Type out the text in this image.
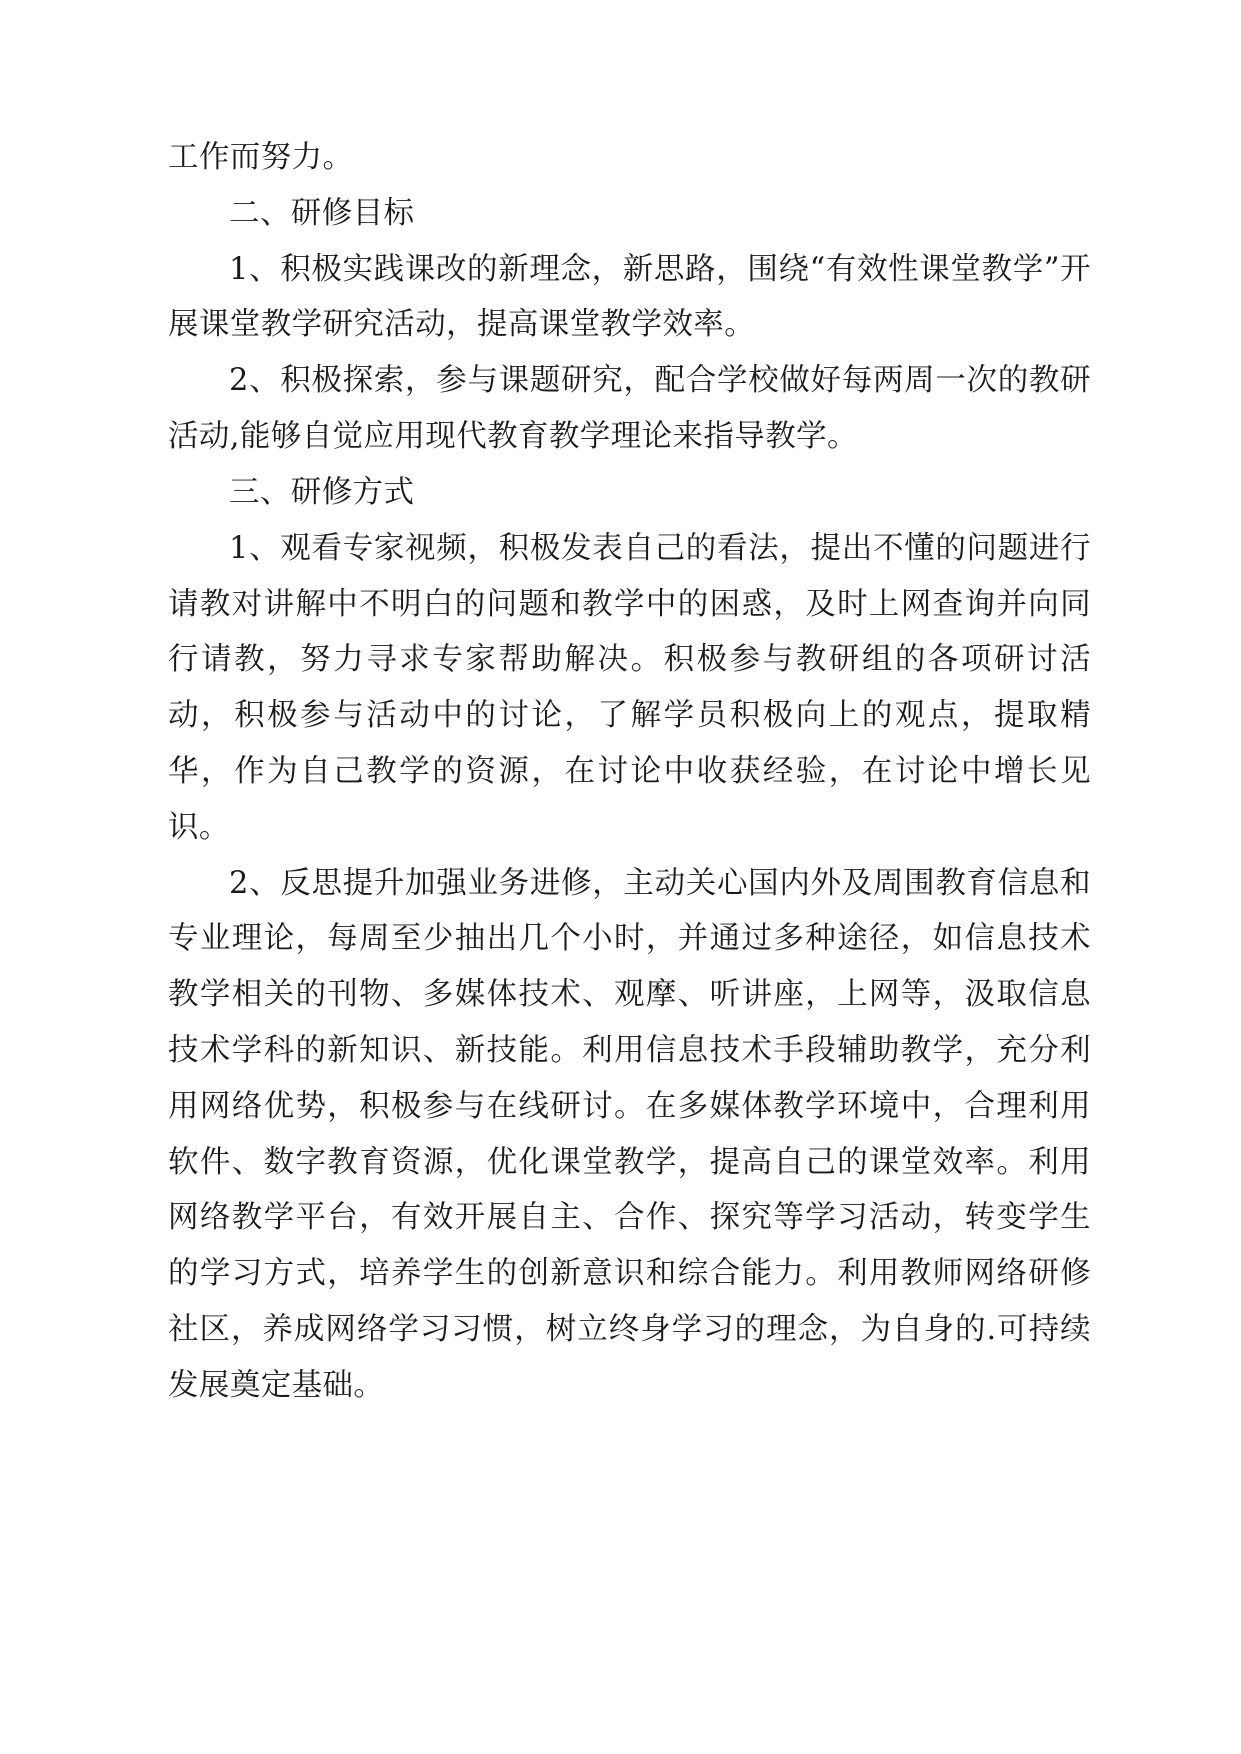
工作而努力。

二、研修目标

1、积极实践课改的新理念，新思路，围绕“有效性课堂教学”开展课堂教学研究活动，提高课堂教学效率。

2、积极探索，参与课题研究，配合学校做好每两周一次的教研活动,能够自觉应用现代教育教学理论来指导教学。

三、研修方式

1、观看专家视频，积极发表自己的看法，提出不懂的问题进行请教对讲解中不明白的问题和教学中的困惑，及时上网查询并向同行请教，努力寻求专家帮助解决。积极参与教研组的各项研讨活动，积极参与活动中的讨论，了解学员积极向上的观点，提取精华，作为自己教学的资源，在讨论中收获经验，在讨论中增长见识。

2、反思提升加强业务进修，主动关心国内外及周围教育信息和专业理论，每周至少抽出几个小时，并通过多种途径，如信息技术教学相关的刊物、多媒体技术、观摩、听讲座，上网等，汲取信息技术学科的新知识、新技能。利用信息技术手段辅助教学，充分利用网络优势，积极参与在线研讨。在多媒体教学环境中，合理利用软件、数字教育资源，优化课堂教学，提高自己的课堂效率。利用网络教学平台，有效开展自主、合作、探究等学习活动，转变学生的学习方式，培养学生的创新意识和综合能力。利用教师网络研修社区，养成网络学习习惯，树立终身学习的理念，为自身的.可持续发展奠定基础。
